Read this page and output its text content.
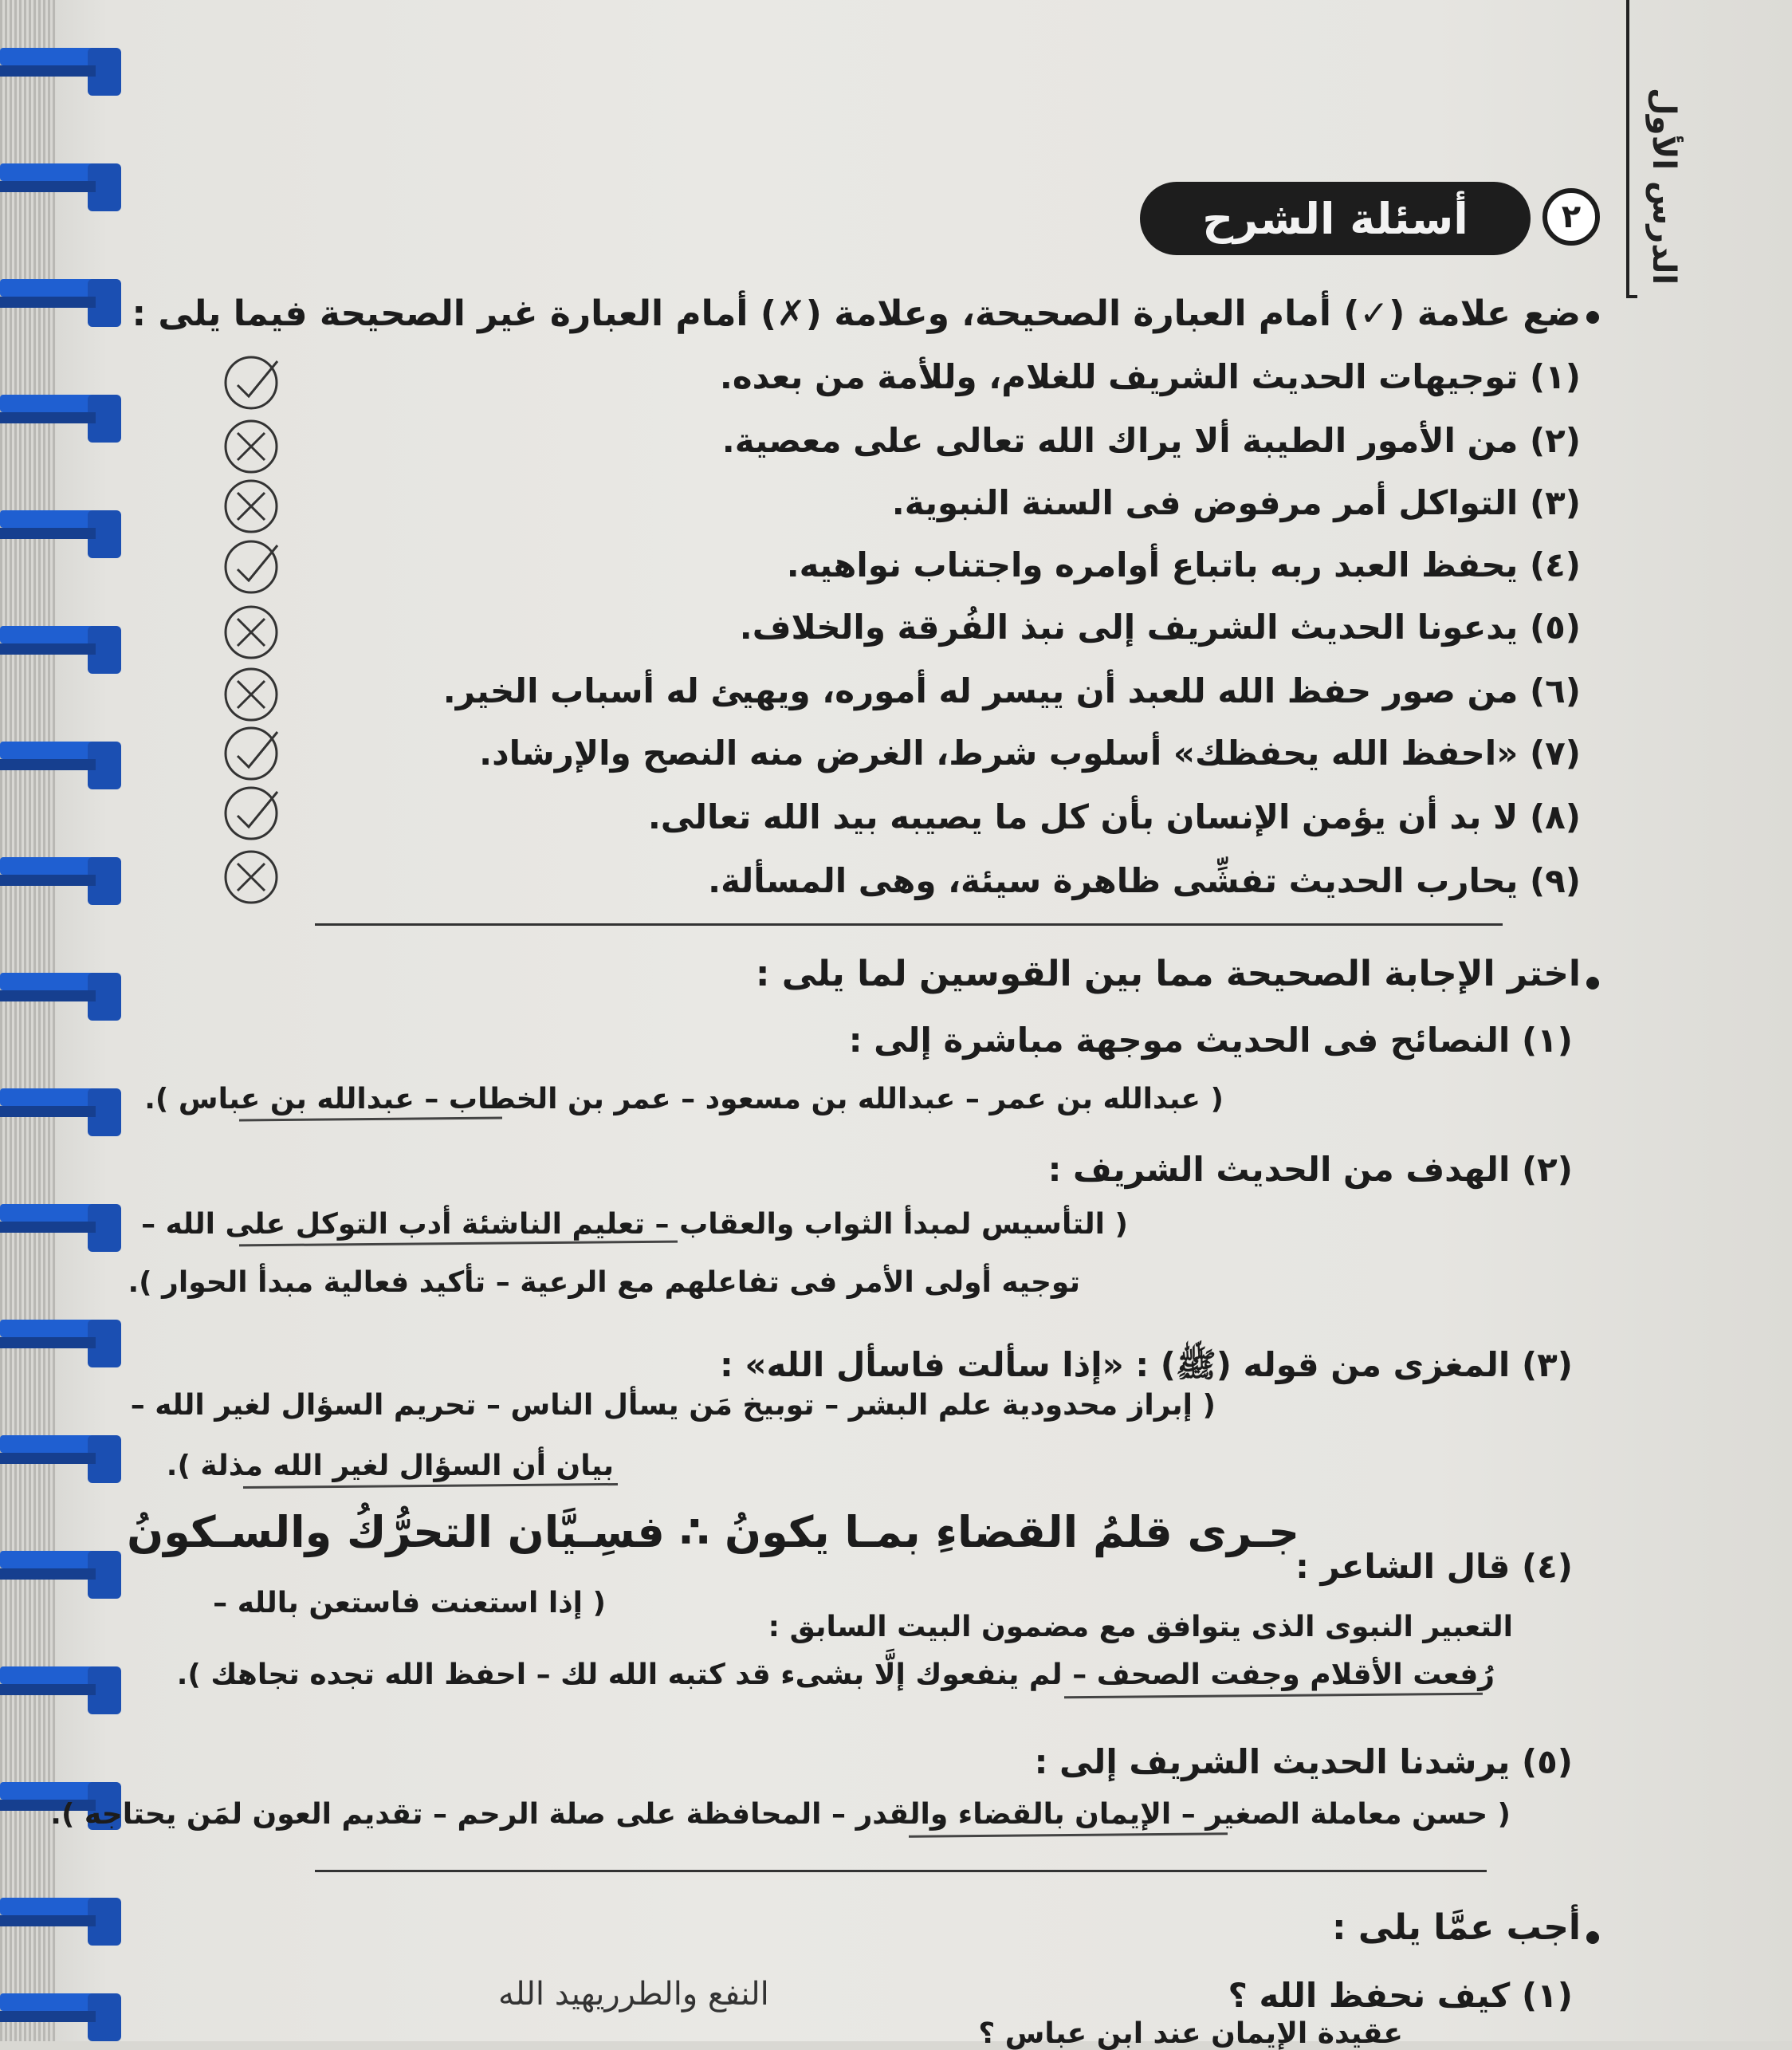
الدرس الأول
أسئلة الشرح	٢
ضع علامة (✓) أمام العبارة الصحيحة، وعلامة (✗) أمام العبارة غير الصحيحة فيما يلى :
(١) توجيهات الحديث الشريف للغلام، وللأمة من بعده.
(٢) من الأمور الطيبة ألا يراك الله تعالى على معصية.
(٣) التواكل أمر مرفوض فى السنة النبوية.
(٤) يحفظ العبد ربه باتباع أوامره واجتناب نواهيه.
(٥) يدعونا الحديث الشريف إلى نبذ الفُرقة والخلاف.
(٦) من صور حفظ الله للعبد أن ييسر له أموره، ويهيئ له أسباب الخير.
(٧) «احفظ الله يحفظك» أسلوب شرط، الغرض منه النصح والإرشاد.
(٨) لا بد أن يؤمن الإنسان بأن كل ما يصيبه بيد الله تعالى.
(٩) يحارب الحديث تفشِّى ظاهرة سيئة، وهى المسألة.
اختر الإجابة الصحيحة مما بين القوسين لما يلى :
(١) النصائح فى الحديث موجهة مباشرة إلى :
( عبدالله بن عمر – عبدالله بن مسعود – عمر بن الخطاب – عبدالله بن عباس ).
(٢) الهدف من الحديث الشريف :
( التأسيس لمبدأ الثواب والعقاب – تعليم الناشئة أدب التوكل على الله –
توجيه أولى الأمر فى تفاعلهم مع الرعية – تأكيد فعالية مبدأ الحوار ).
(٣) المغزى من قوله (ﷺ) : «إذا سألت فاسأل الله» :
( إبراز محدودية علم البشر – توبيخ مَن يسأل الناس – تحريم السؤال لغير الله –
بيان أن السؤال لغير الله مذلة ).
(٤) قال الشاعر :
جـرى قلمُ القضاءِ بمـا يكونُ ∴ فسِـيَّان التحرُّكُ والسـكونُ
التعبير النبوى الذى يتوافق مع مضمون البيت السابق :
( إذا استعنت فاستعن بالله –
رُفعت الأقلام وجفت الصحف – لم ينفعوك إلَّا بشىء قد كتبه الله لك – احفظ الله تجده تجاهك ).
(٥) يرشدنا الحديث الشريف إلى :
( حسن معاملة الصغير – الإيمان بالقضاء والقدر – المحافظة على صلة الرحم – تقديم العون لمَن يحتاجه ).
أجب عمَّا يلى :
(١) كيف نحفظ الله ؟
النفع والطرريهيد الله
عقيدة الإيمان عند ابن عباس ؟
